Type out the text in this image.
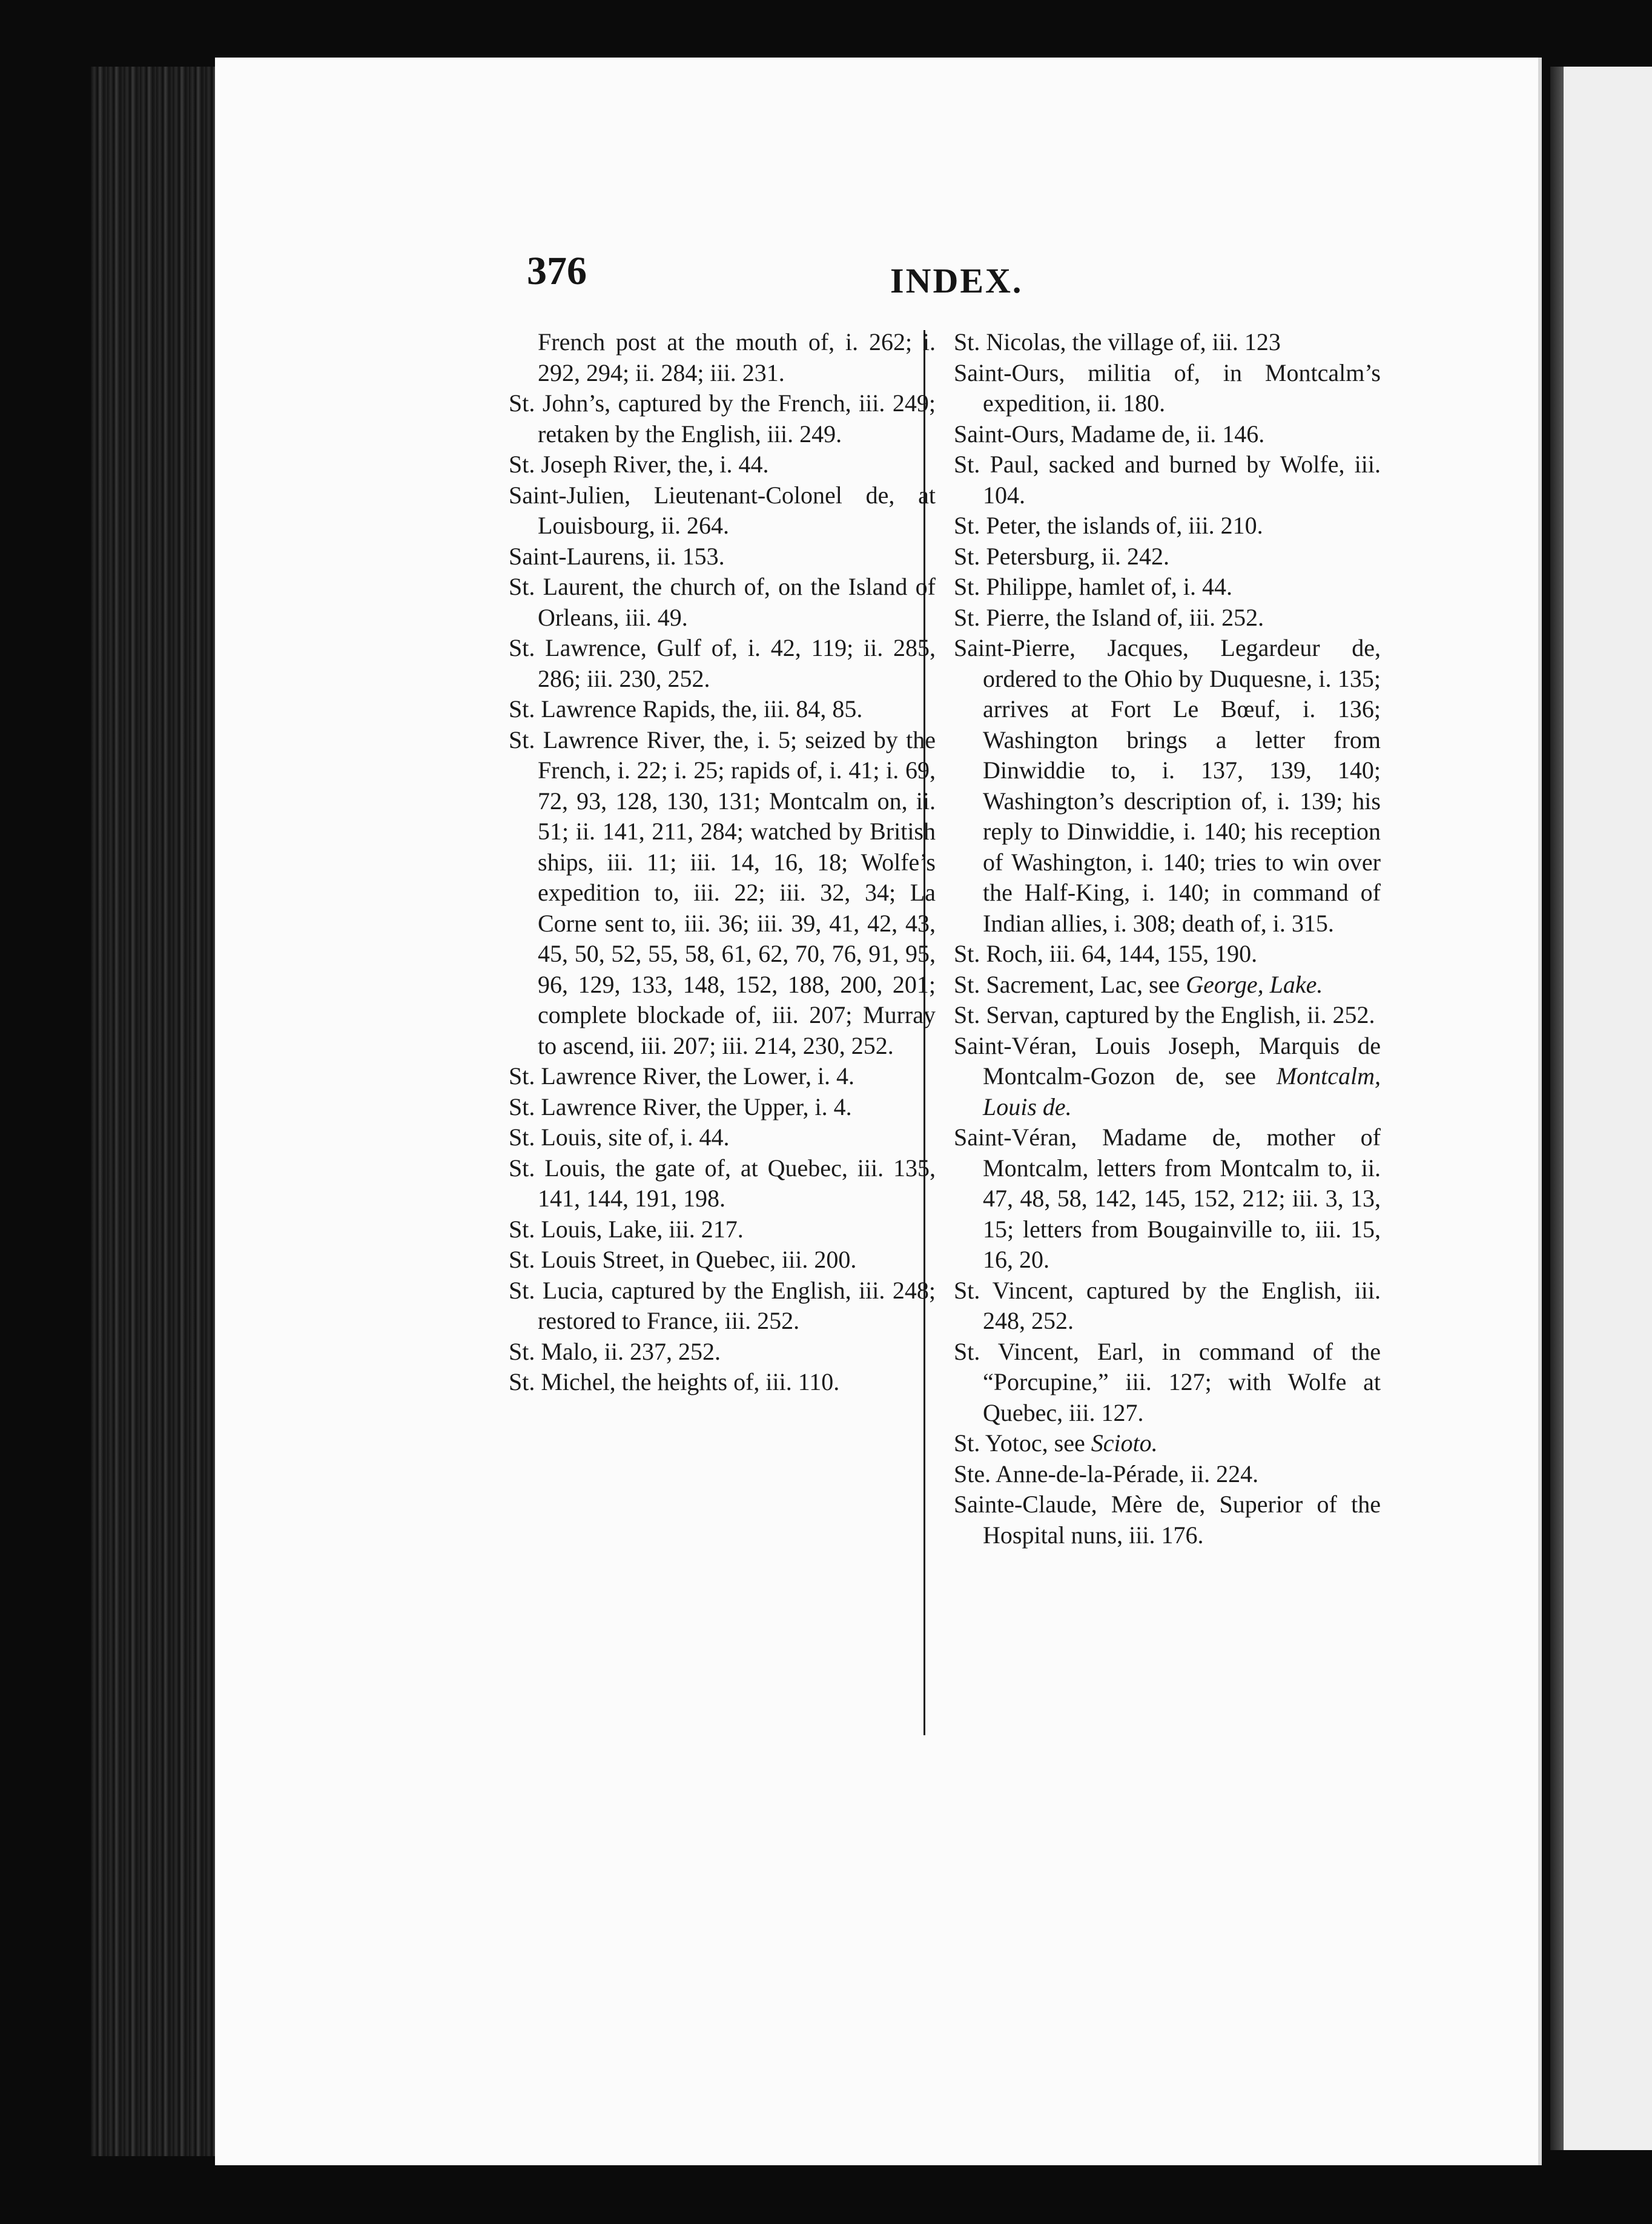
376	INDEX.

French post at the mouth of, i. 262; i. 292, 294; ii. 284; iii. 231.

St. John’s, captured by the French, iii. 249; retaken by the English, iii. 249.

St. Joseph River, the, i. 44.

Saint-Julien, Lieutenant-Colonel de, at Louisbourg, ii. 264.

Saint-Laurens, ii. 153.

St. Laurent, the church of, on the Island of Orleans, iii. 49.

St. Lawrence, Gulf of, i. 42, 119; ii. 285, 286; iii. 230, 252.

St. Lawrence Rapids, the, iii. 84, 85.

St. Lawrence River, the, i. 5; seized by the French, i. 22; i. 25; rapids of, i. 41; i. 69, 72, 93, 128, 130, 131; Montcalm on, ii. 51; ii. 141, 211, 284; watched by British ships, iii. 11; iii. 14, 16, 18; Wolfe’s expedition to, iii. 22; iii. 32, 34; La Corne sent to, iii. 36; iii. 39, 41, 42, 43, 45, 50, 52, 55, 58, 61, 62, 70, 76, 91, 95, 96, 129, 133, 148, 152, 188, 200, 201; complete blockade of, iii. 207; Murray to ascend, iii. 207; iii. 214, 230, 252.

St. Lawrence River, the Lower, i. 4.

St. Lawrence River, the Upper, i. 4.

St. Louis, site of, i. 44.

St. Louis, the gate of, at Quebec, iii. 135, 141, 144, 191, 198.

St. Louis, Lake, iii. 217.

St. Louis Street, in Quebec, iii. 200.

St. Lucia, captured by the English, iii. 248; restored to France, iii. 252.

St. Malo, ii. 237, 252.

St. Michel, the heights of, iii. 110.

St. Nicolas, the village of, iii. 123

Saint-Ours, militia of, in Montcalm’s expedition, ii. 180.

Saint-Ours, Madame de, ii. 146.

St. Paul, sacked and burned by Wolfe, iii. 104.

St. Peter, the islands of, iii. 210.

St. Petersburg, ii. 242.

St. Philippe, hamlet of, i. 44.

St. Pierre, the Island of, iii. 252.

Saint-Pierre, Jacques, Legardeur de, ordered to the Ohio by Duquesne, i. 135; arrives at Fort Le Bœuf, i. 136; Washington brings a letter from Dinwiddie to, i. 137, 139, 140; Washington’s description of, i. 139; his reply to Dinwiddie, i. 140; his reception of Washington, i. 140; tries to win over the Half-King, i. 140; in command of Indian allies, i. 308; death of, i. 315.

St. Roch, iii. 64, 144, 155, 190.

St. Sacrement, Lac, see George, Lake.

St. Servan, captured by the English, ii. 252.

Saint-Véran, Louis Joseph, Marquis de Montcalm-Gozon de, see Montcalm, Louis de.

Saint-Véran, Madame de, mother of Montcalm, letters from Montcalm to, ii. 47, 48, 58, 142, 145, 152, 212; iii. 3, 13, 15; letters from Bougainville to, iii. 15, 16, 20.

St. Vincent, captured by the English, iii. 248, 252.

St. Vincent, Earl, in command of the “Porcupine,” iii. 127; with Wolfe at Quebec, iii. 127.

St. Yotoc, see Scioto.

Ste. Anne-de-la-Pérade, ii. 224.

Sainte-Claude, Mère de, Superior of the Hospital nuns, iii. 176.
